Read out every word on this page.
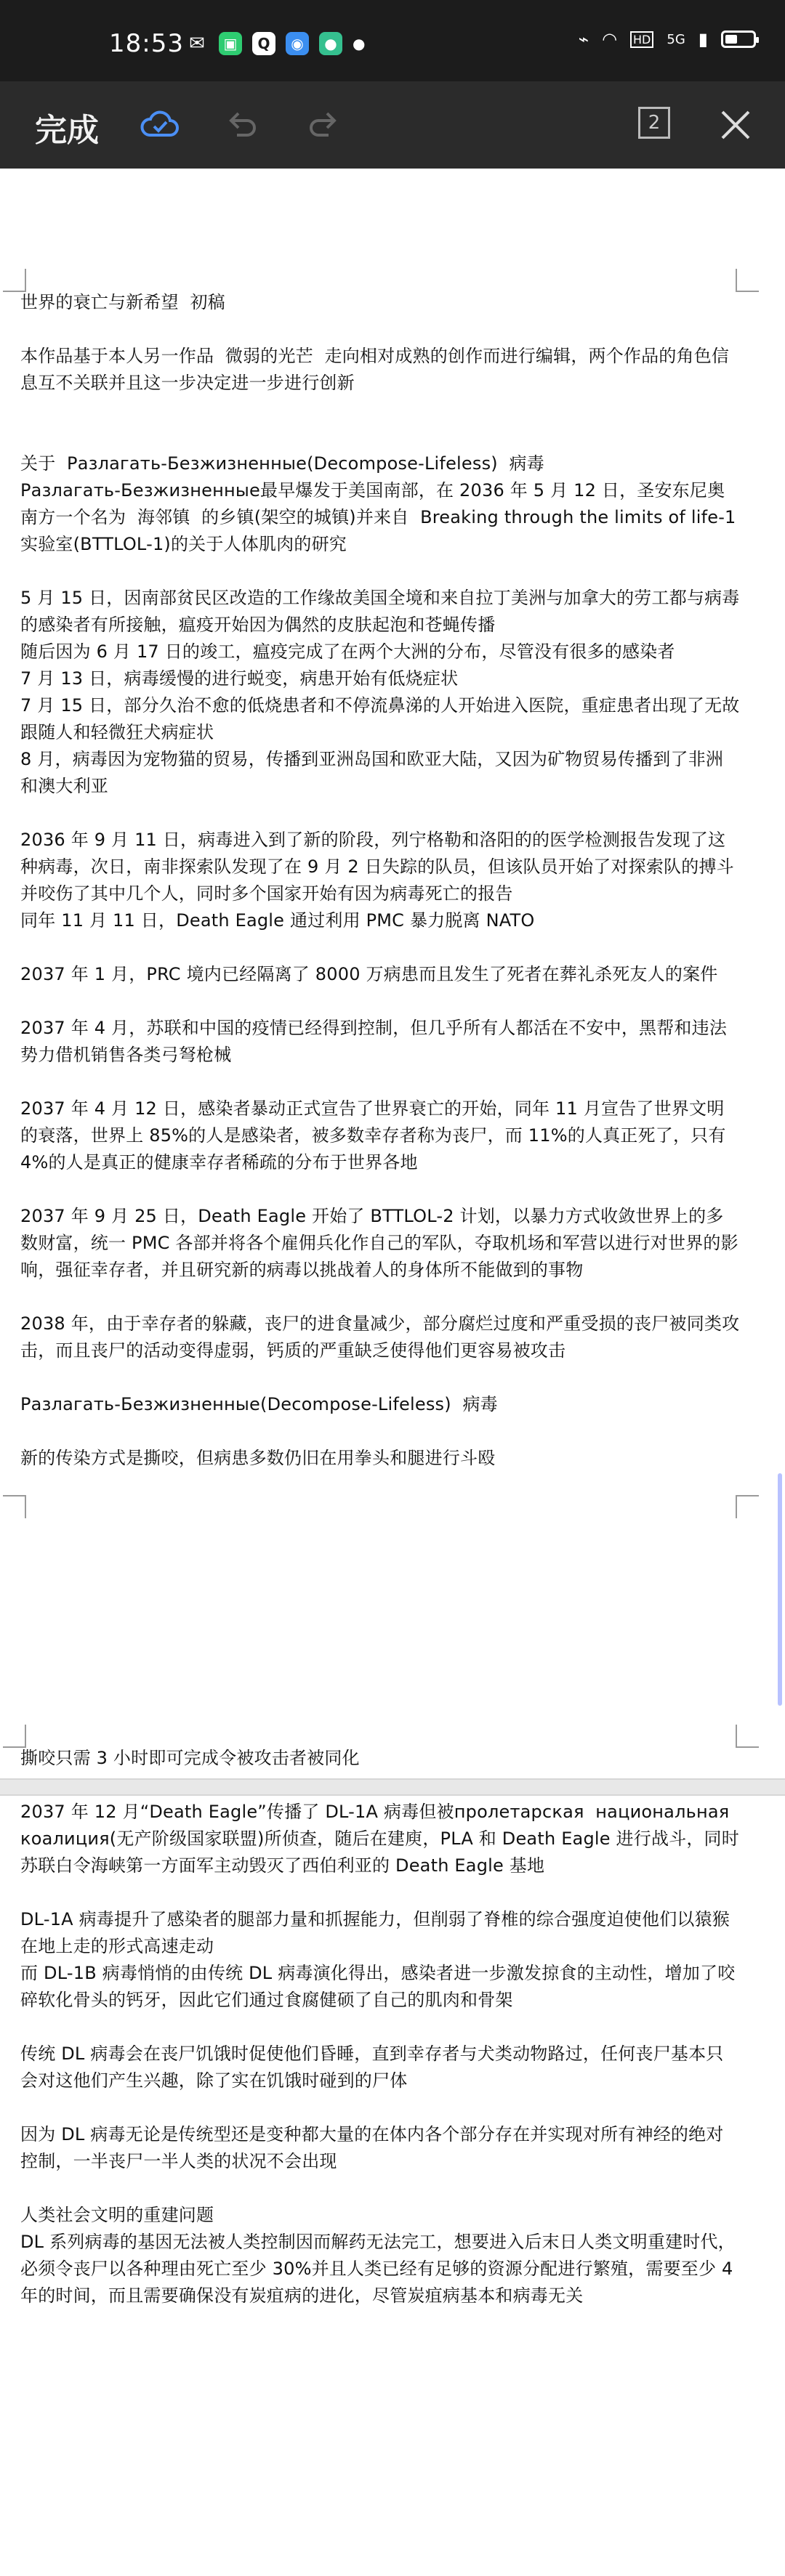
18:53 ✉	▣	Q	◉	●	●	⌁ ◠ HD 5G ▮
完成	2

世界的衰亡与新希望  初稿

本作品基于本人另一作品  微弱的光芒  走向相对成熟的创作而进行编辑，两个作品的角色信息互不关联并且这一步决定进一步进行创新

关于  Разлагать-Безжизненные(Decompose-Lifeless)  病毒

Разлагать-Безжизненные最早爆发于美国南部，在 2036 年 5 月 12 日，圣安东尼奥南方一个名为  海邻镇  的乡镇(架空的城镇)并来自  Breaking through the limits of life-1 实验室(BTTLOL-1)的关于人体肌肉的研究

5 月 15 日，因南部贫民区改造的工作缘故美国全境和来自拉丁美洲与加拿大的劳工都与病毒的感染者有所接触，瘟疫开始因为偶然的皮肤起泡和苍蝇传播

随后因为 6 月 17 日的竣工，瘟疫完成了在两个大洲的分布，尽管没有很多的感染者

7 月 13 日，病毒缓慢的进行蜕变，病患开始有低烧症状

7 月 15 日，部分久治不愈的低烧患者和不停流鼻涕的人开始进入医院，重症患者出现了无故跟随人和轻微狂犬病症状

8 月，病毒因为宠物猫的贸易，传播到亚洲岛国和欧亚大陆，又因为矿物贸易传播到了非洲和澳大利亚

2036 年 9 月 11 日，病毒进入到了新的阶段，列宁格勒和洛阳的的医学检测报告发现了这种病毒，次日，南非探索队发现了在 9 月 2 日失踪的队员，但该队员开始了对探索队的搏斗并咬伤了其中几个人，同时多个国家开始有因为病毒死亡的报告

同年 11 月 11 日，Death Eagle 通过利用 PMC 暴力脱离 NATO

2037 年 1 月，PRC 境内已经隔离了 8000 万病患而且发生了死者在葬礼杀死友人的案件

2037 年 4 月，苏联和中国的疫情已经得到控制，但几乎所有人都活在不安中，黑帮和违法势力借机销售各类弓弩枪械

2037 年 4 月 12 日，感染者暴动正式宣告了世界衰亡的开始，同年 11 月宣告了世界文明的衰落，世界上 85%的人是感染者，被多数幸存者称为丧尸，而 11%的人真正死了，只有 4%的人是真正的健康幸存者稀疏的分布于世界各地

2037 年 9 月 25 日，Death Eagle 开始了 BTTLOL-2 计划，以暴力方式收敛世界上的多数财富，统一 PMC 各部并将各个雇佣兵化作自己的军队，夺取机场和军营以进行对世界的影响，强征幸存者，并且研究新的病毒以挑战着人的身体所不能做到的事物

2038 年，由于幸存者的躲藏，丧尸的进食量减少，部分腐烂过度和严重受损的丧尸被同类攻击，而且丧尸的活动变得虚弱，钙质的严重缺乏使得他们更容易被攻击

Разлагать-Безжизненные(Decompose-Lifeless)  病毒

新的传染方式是撕咬，但病患多数仍旧在用拳头和腿进行斗殴

撕咬只需 3 小时即可完成令被攻击者被同化

2037 年 12 月“Death Eagle”传播了 DL-1A 病毒但被пролетарская  национальная  коалиция(无产阶级国家联盟)所侦查，随后在建庾，PLA 和 Death Eagle 进行战斗，同时苏联白令海峡第一方面军主动毁灭了西伯利亚的 Death Eagle 基地

DL-1A 病毒提升了感染者的腿部力量和抓握能力，但削弱了脊椎的综合强度迫使他们以猿猴在地上走的形式高速走动

而 DL-1B 病毒悄悄的由传统 DL 病毒演化得出，感染者进一步激发掠食的主动性，增加了咬碎软化骨头的钙牙，因此它们通过食腐健硕了自己的肌肉和骨架

传统 DL 病毒会在丧尸饥饿时促使他们昏睡，直到幸存者与犬类动物路过，任何丧尸基本只会对这他们产生兴趣，除了实在饥饿时碰到的尸体

因为 DL 病毒无论是传统型还是变种都大量的在体内各个部分存在并实现对所有神经的绝对控制，一半丧尸一半人类的状况不会出现

人类社会文明的重建问题

DL 系列病毒的基因无法被人类控制因而解药无法完工，想要进入后末日人类文明重建时代，必须令丧尸以各种理由死亡至少 30%并且人类已经有足够的资源分配进行繁殖，需要至少 4 年的时间，而且需要确保没有炭疽病的进化，尽管炭疽病基本和病毒无关
